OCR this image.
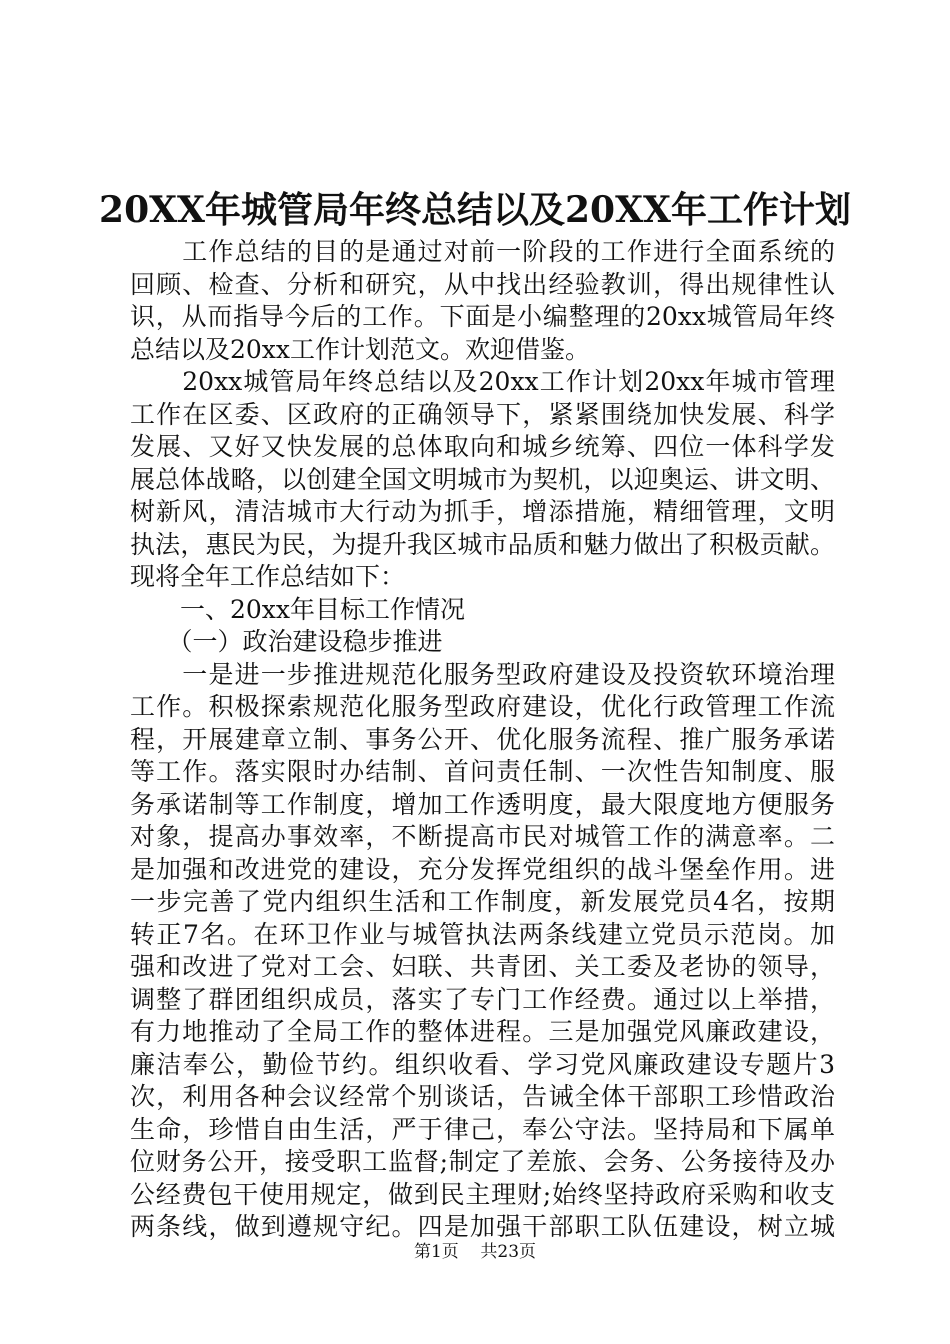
20XX年城管局年终总结以及20XX年工作计划
　　工作总结的目的是通过对前一阶段的工作进行全面系统的
回顾、检查、分析和研究，从中找出经验教训，得出规律性认
识，从而指导今后的工作。下面是小编整理的20xx城管局年终
总结以及20xx工作计划范文。欢迎借鉴。
　　20xx城管局年终总结以及20xx工作计划20xx年城市管理
工作在区委、区政府的正确领导下，紧紧围绕加快发展、科学
发展、又好又快发展的总体取向和城乡统筹、四位一体科学发
展总体战略，以创建全国文明城市为契机，以迎奥运、讲文明、
树新风，清洁城市大行动为抓手，增添措施，精细管理，文明
执法，惠民为民，为提升我区城市品质和魅力做出了积极贡献。
现将全年工作总结如下：
　　一、20xx年目标工作情况
　　（一）政治建设稳步推进
　　一是进一步推进规范化服务型政府建设及投资软环境治理
工作。积极探索规范化服务型政府建设，优化行政管理工作流
程，开展建章立制、事务公开、优化服务流程、推广服务承诺
等工作。落实限时办结制、首问责任制、一次性告知制度、服
务承诺制等工作制度，增加工作透明度，最大限度地方便服务
对象，提高办事效率，不断提高市民对城管工作的满意率。二
是加强和改进党的建设，充分发挥党组织的战斗堡垒作用。进
一步完善了党内组织生活和工作制度，新发展党员4名，按期
转正7名。在环卫作业与城管执法两条线建立党员示范岗。加
强和改进了党对工会、妇联、共青团、关工委及老协的领导，
调整了群团组织成员，落实了专门工作经费。通过以上举措，
有力地推动了全局工作的整体进程。三是加强党风廉政建设，
廉洁奉公，勤俭节约。组织收看、学习党风廉政建设专题片3
次，利用各种会议经常个别谈话，告诫全体干部职工珍惜政治
生命，珍惜自由生活，严于律己，奉公守法。坚持局和下属单
位财务公开，接受职工监督;制定了差旅、会务、公务接待及办
公经费包干使用规定，做到民主理财;始终坚持政府采购和收支
两条线，做到遵规守纪。四是加强干部职工队伍建设，树立城
第1页 共23页
